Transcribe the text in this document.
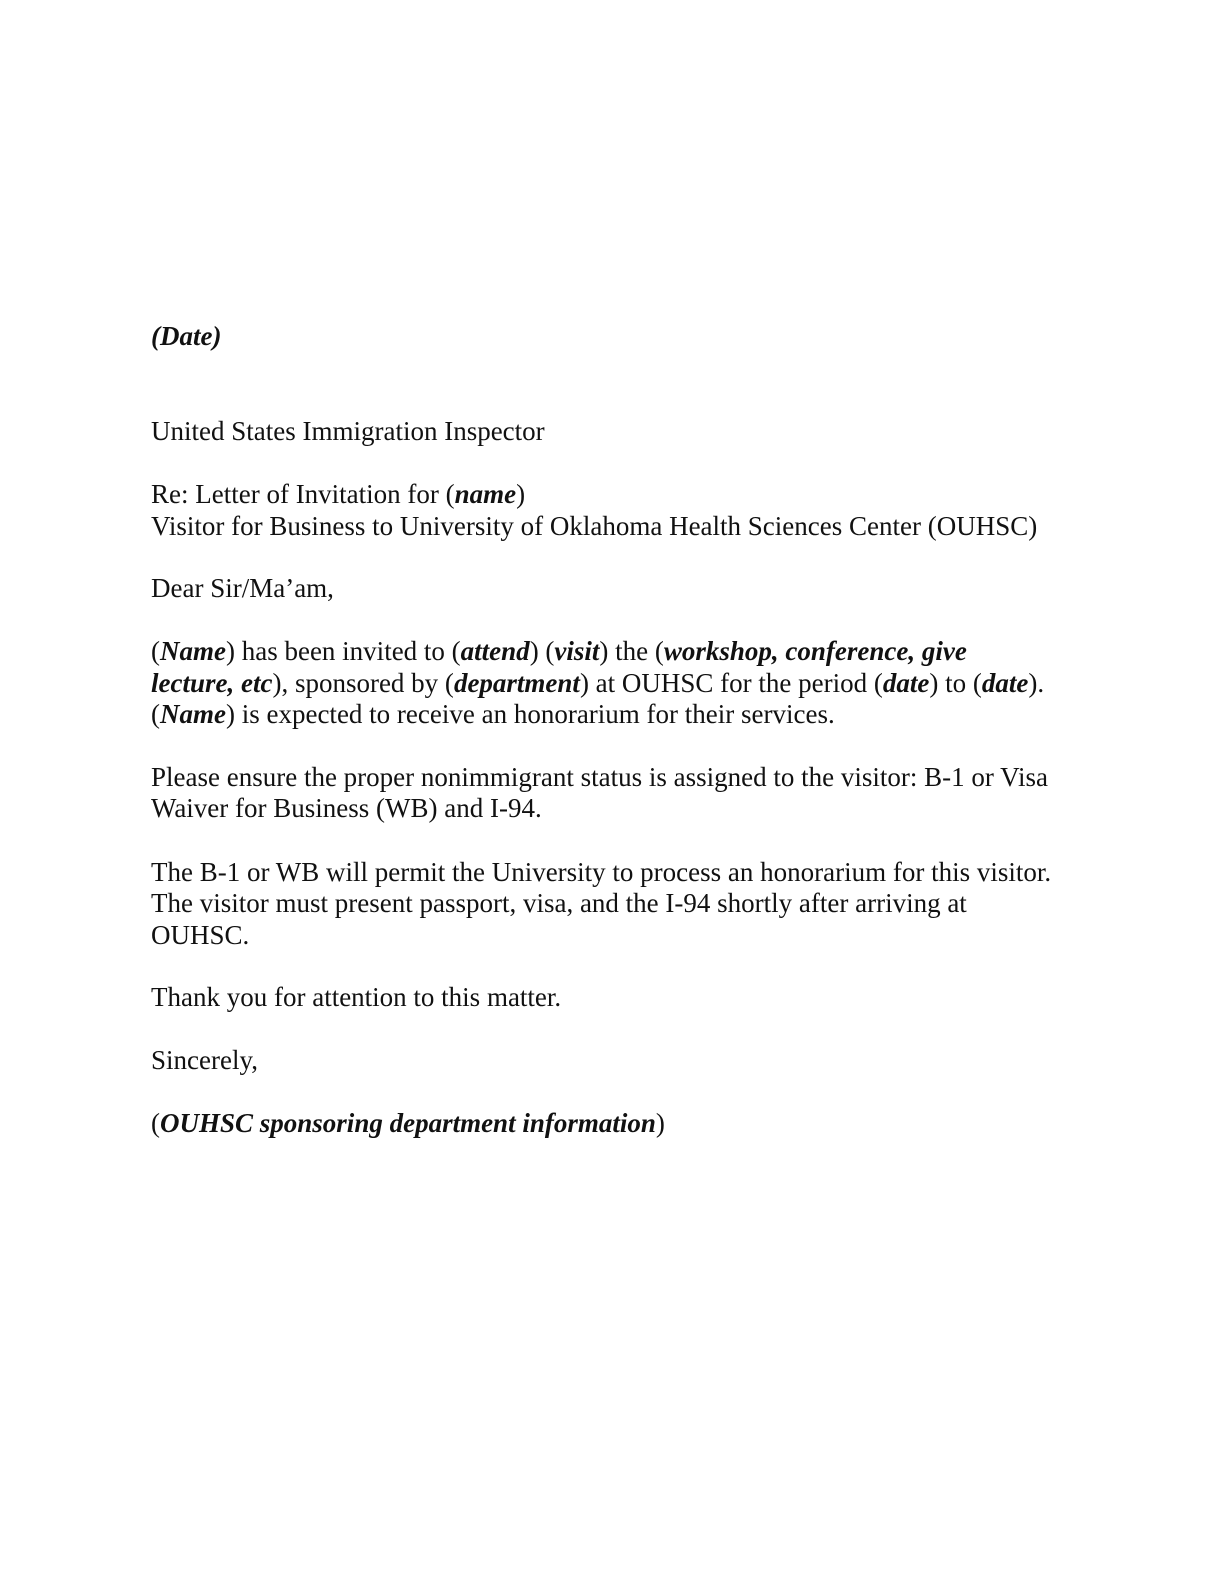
(Date)

United States Immigration Inspector

Re: Letter of Invitation for (name)

Visitor for Business to University of Oklahoma Health Sciences Center (OUHSC)

Dear Sir/Ma’am,

(Name) has been invited to (attend) (visit) the (workshop, conference, give

lecture, etc), sponsored by (department) at OUHSC for the period (date) to (date).

(Name) is expected to receive an honorarium for their services.

Please ensure the proper nonimmigrant status is assigned to the visitor: B-1 or Visa

Waiver for Business (WB) and I-94.

The B-1 or WB will permit the University to process an honorarium for this visitor.

The visitor must present passport, visa, and the I-94 shortly after arriving at

OUHSC.

Thank you for attention to this matter.

Sincerely,

(OUHSC sponsoring department information)
